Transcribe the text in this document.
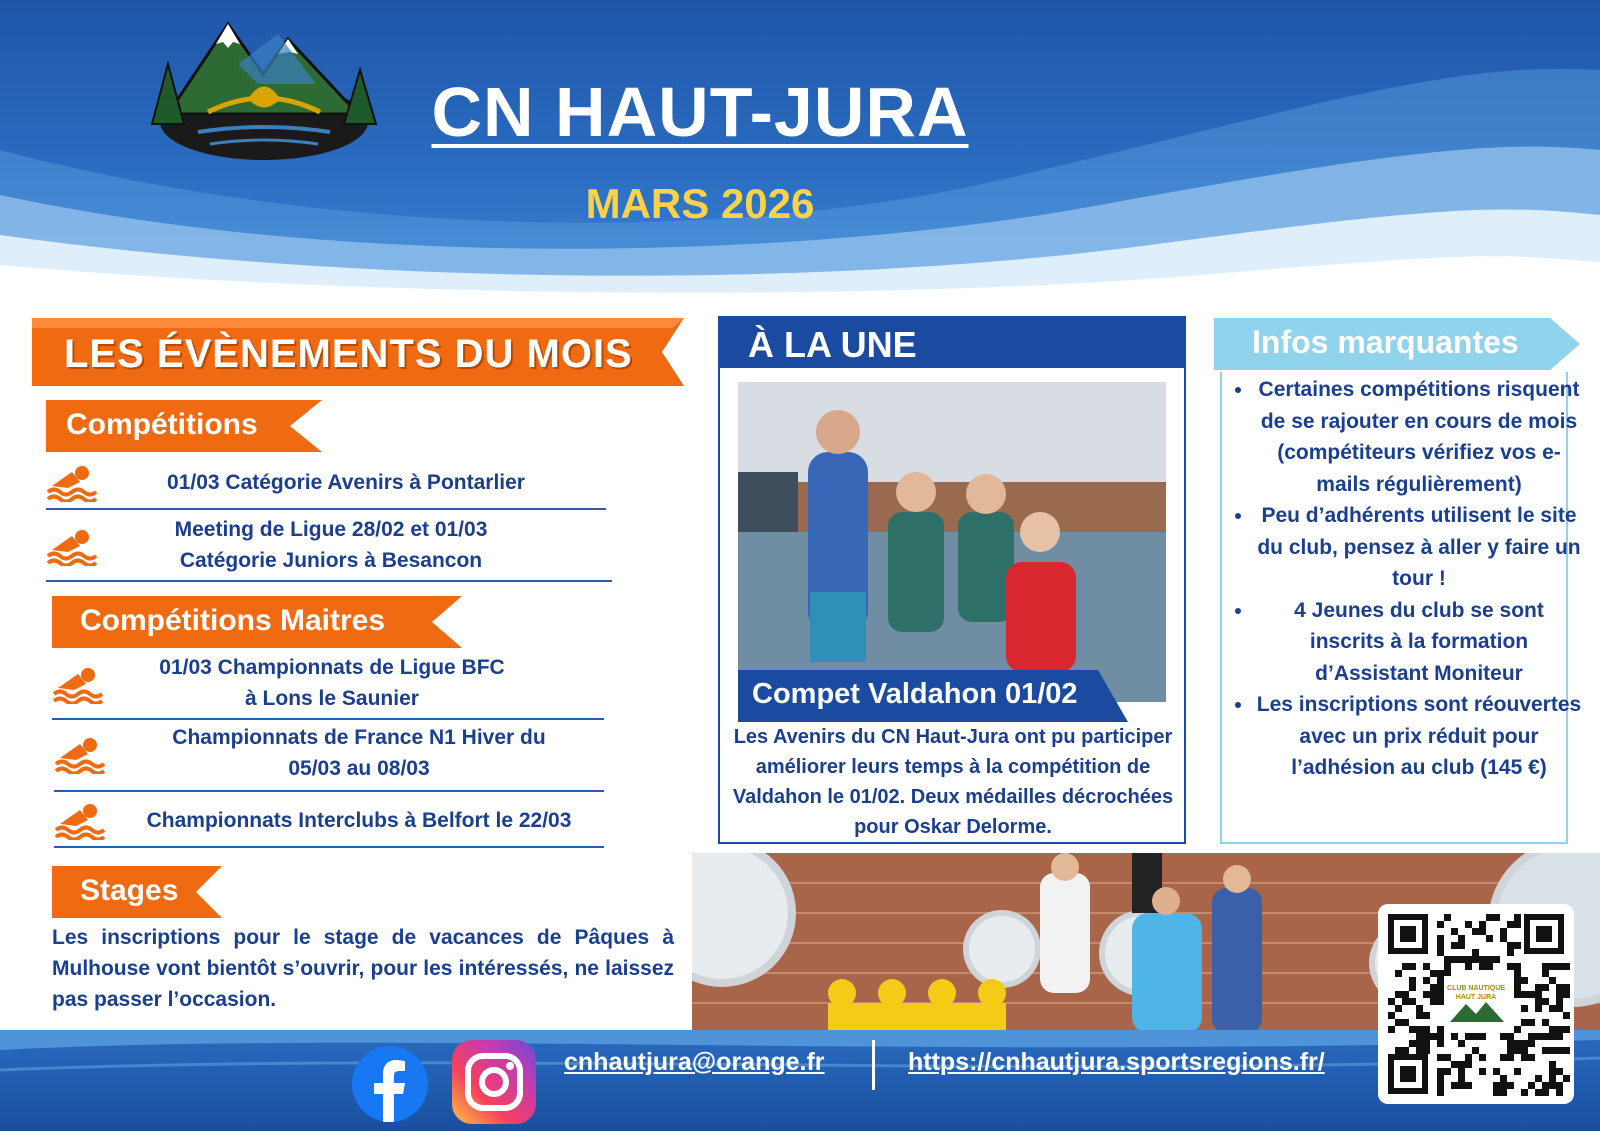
CN HAUT-JURA
MARS 2026
LES ÉVÈNEMENTS DU MOIS
Compétitions
01/03 Catégorie Avenirs à Pontarlier
Meeting de Ligue 28/02 et 01/03
Catégorie Juniors à Besancon
Compétitions Maitres
01/03 Championnats de Ligue BFC
à Lons le Saunier
Championnats de France N1 Hiver du
05/03 au 08/03
Championnats Interclubs à Belfort le 22/03
Stages
Les inscriptions pour le stage de vacances de Pâques à Mulhouse vont bientôt s’ouvrir, pour les intéressés, ne laissez pas passer l’occasion.
À LA UNE
Compet Valdahon 01/02
Les Avenirs du CN Haut-Jura ont pu participer améliorer leurs temps à la compétition de Valdahon le 01/02. Deux médailles décrochées pour Oskar Delorme.
Infos marquantes
• Certaines compétitions risquent de se rajouter en cours de mois (compétiteurs vérifiez vos e-mails régulièrement)
• Peu d’adhérents utilisent le site du club, pensez à aller y faire un tour !
• 4 Jeunes du club se sont inscrits à la formation d’Assistant Moniteur
• Les inscriptions sont réouvertes avec un prix réduit pour l’adhésion au club (145 €)
cnhautjura@orange.fr	https://cnhautjura.sportsregions.fr/
CLUB NAUTIQUE
HAUT JURA
